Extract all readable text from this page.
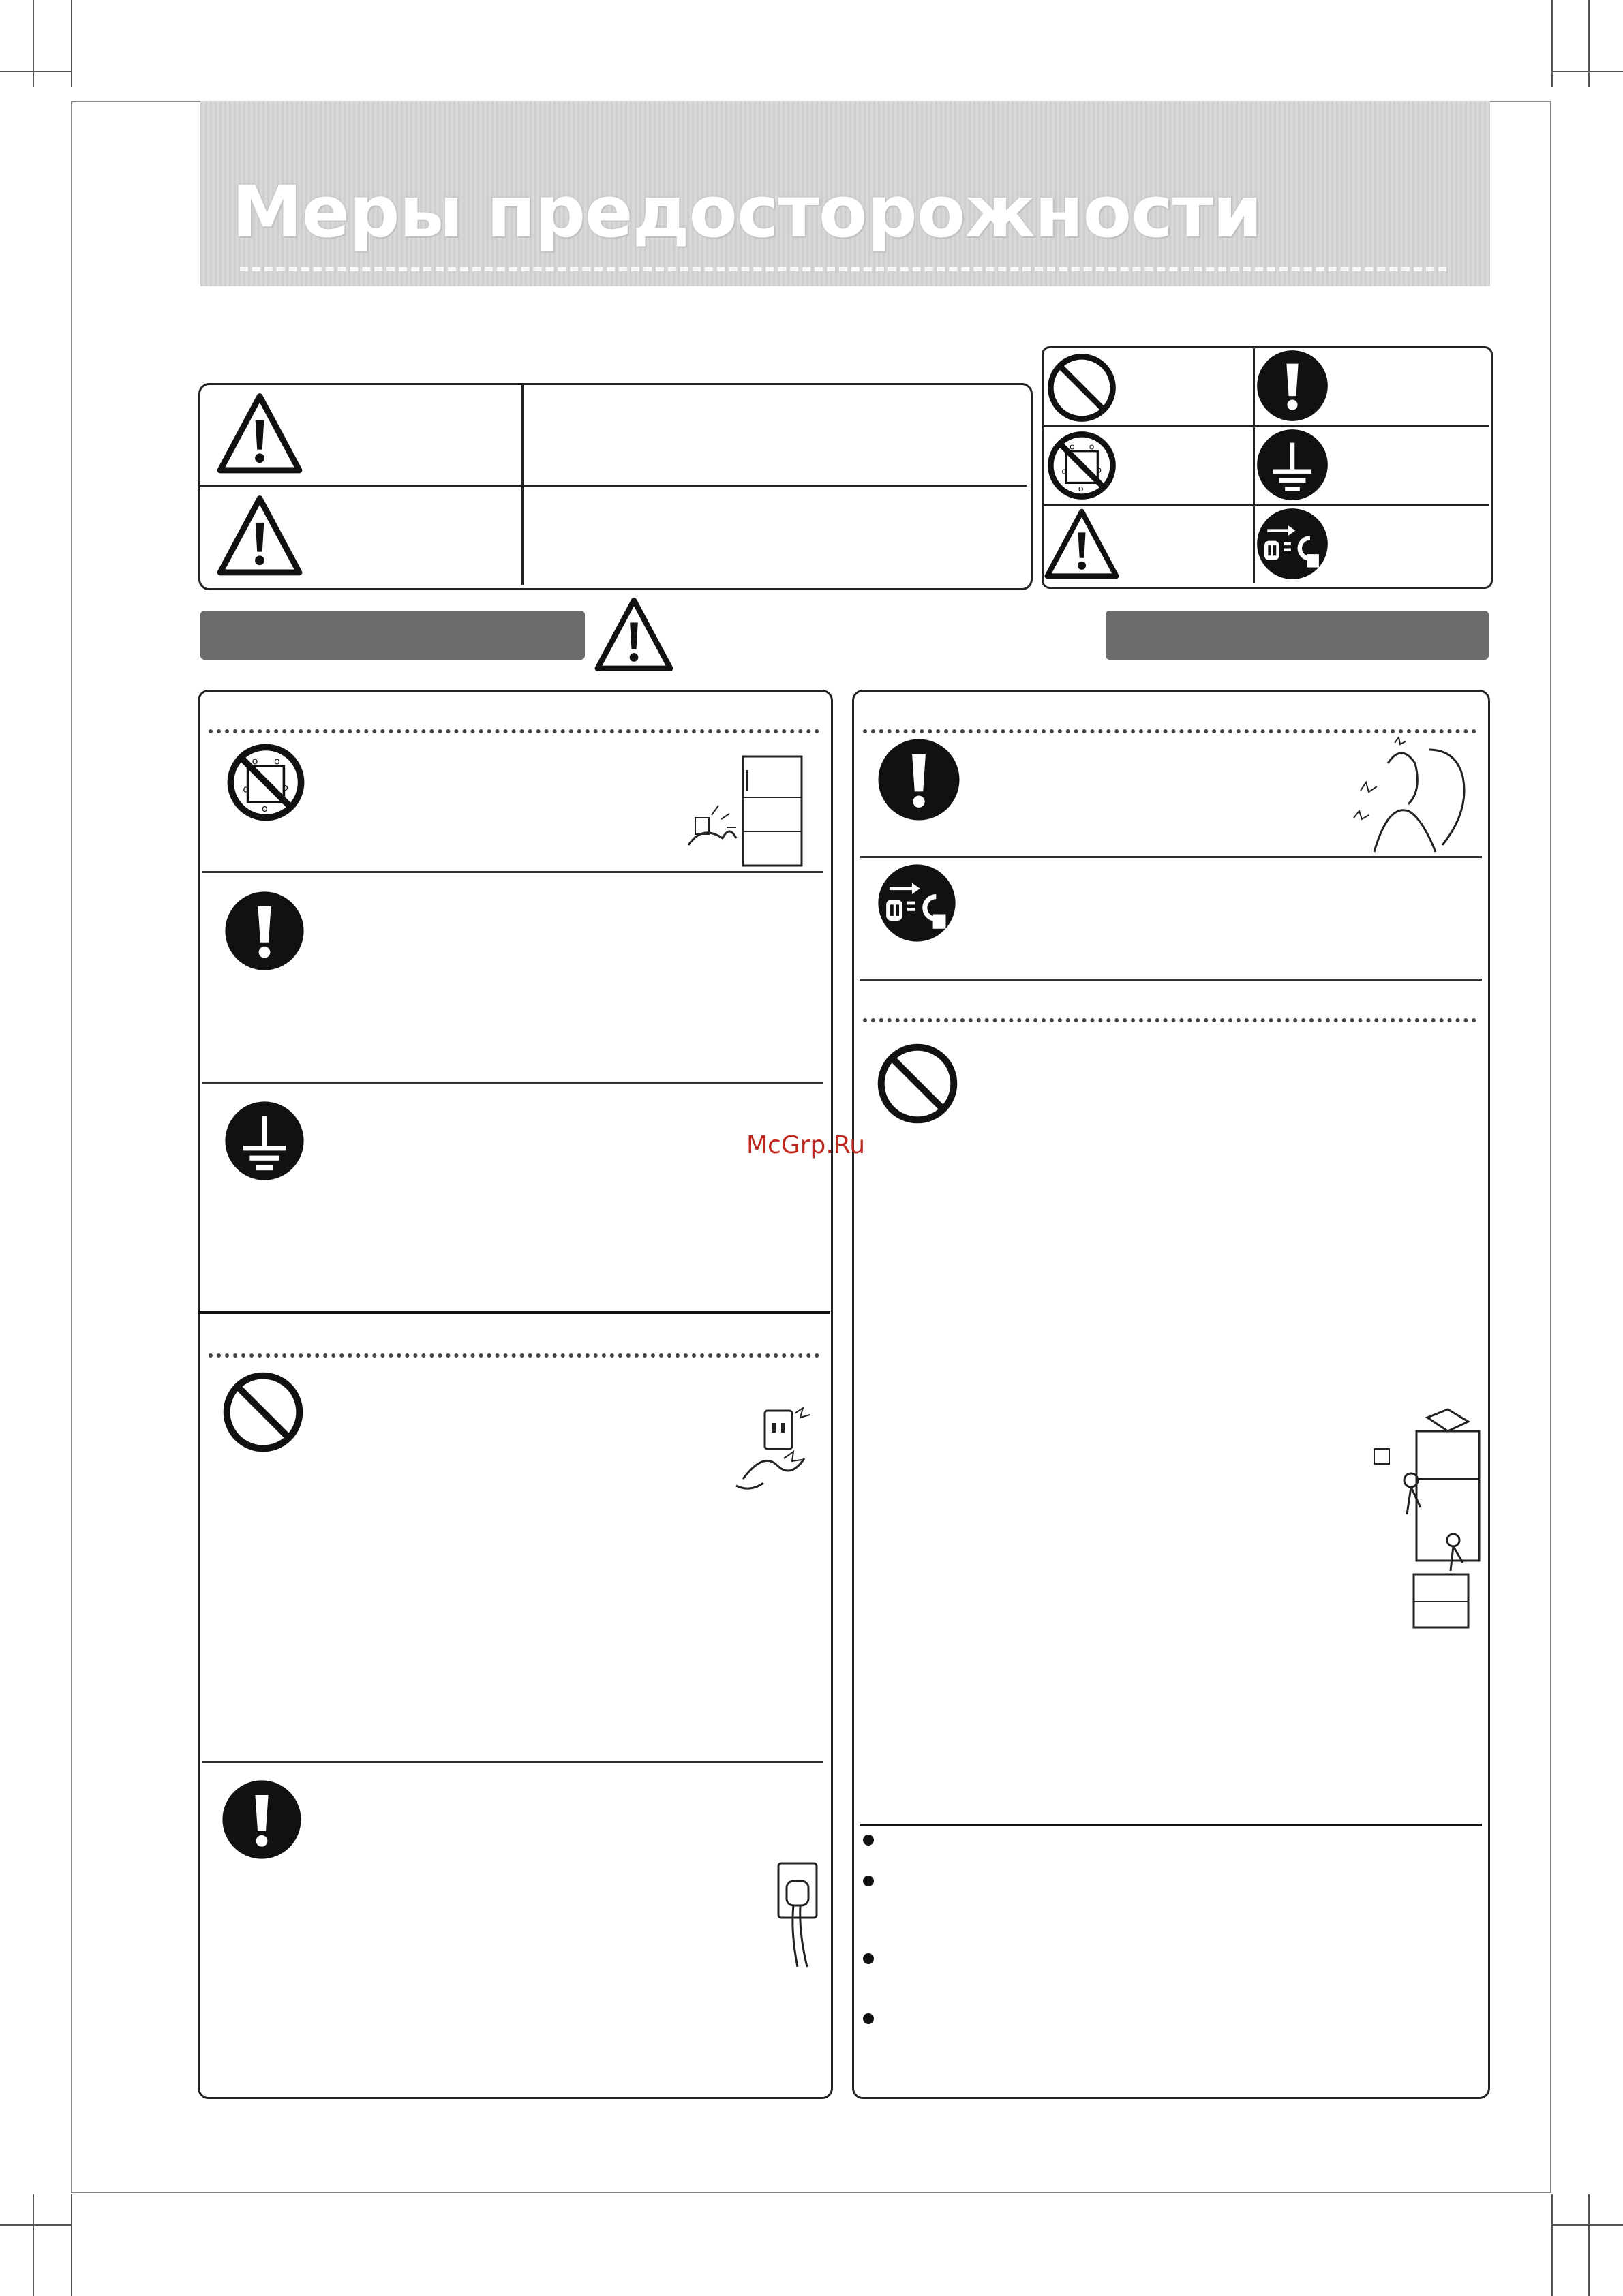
Меры предосторожности
McGrp.Ru
